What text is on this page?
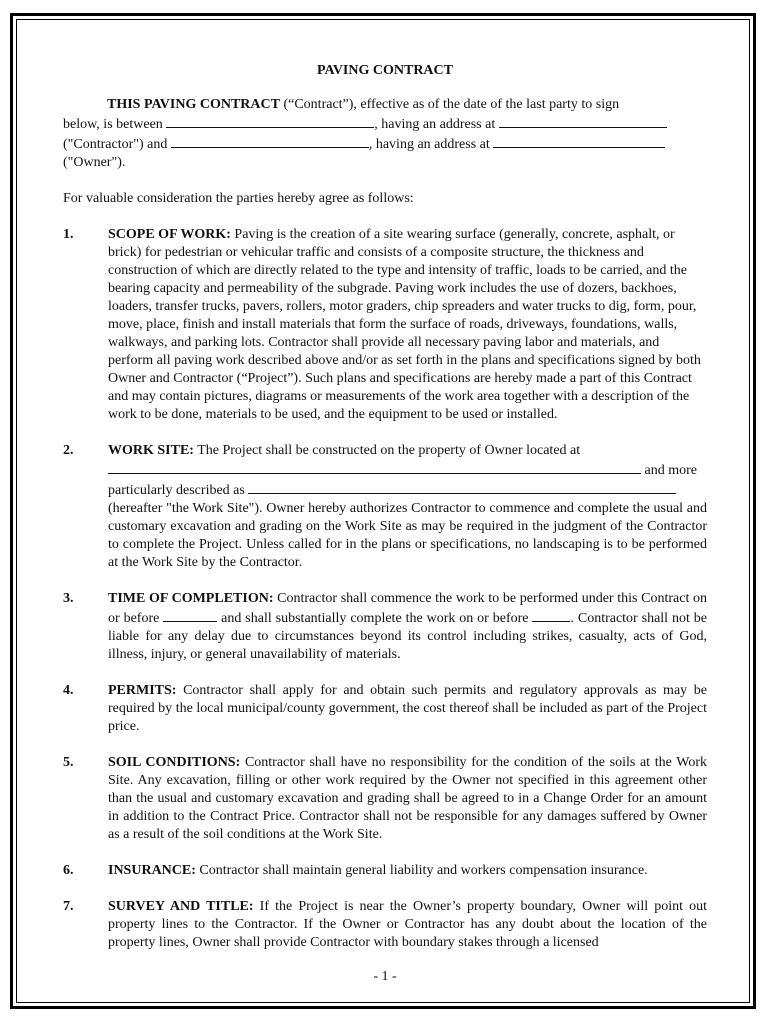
PAVING CONTRACT

THIS PAVING CONTRACT (“Contract”), effective as of the date of the last party to sign
below, is between	, having an address at
("Contractor") and	, having an address at
("Owner").

For valuable consideration the parties hereby agree as follows:

1.	SCOPE OF WORK: Paving is the creation of a site wearing surface (generally, concrete, asphalt, or brick) for pedestrian or vehicular traffic and consists of a composite structure, the thickness and construction of which are directly related to the type and intensity of traffic, loads to be carried, and the bearing capacity and permeability of the subgrade. Paving work includes the use of dozers, backhoes, loaders, transfer trucks, pavers, rollers, motor graders, chip spreaders and water trucks to dig, form, pour, move, place, finish and install materials that form the surface of roads, driveways, foundations, walls, walkways, and parking lots. Contractor shall provide all necessary paving labor and materials, and perform all paving work described above and/or as set forth in the plans and specifications signed by both Owner and Contractor (“Project”). Such plans and specifications are hereby made a part of this Contract and may contain pictures, diagrams or measurements of the work area together with a description of the work to be done, materials to be used, and the equipment to be used or installed.
2.	WORK SITE: The Project shall be constructed on the property of Owner located at
and more
particularly described as
(hereafter "the Work Site"). Owner hereby authorizes Contractor to commence and complete the usual and customary excavation and grading on the Work Site as may be required in the judgment of the Contractor to complete the Project. Unless called for in the plans or specifications, no landscaping is to be performed at the Work Site by the Contractor.
3.	TIME OF COMPLETION: Contractor shall commence the work to be performed under this Contract on or before	and shall substantially complete the work on or before	. Contractor shall not be liable for any delay due to circumstances beyond its control including strikes, casualty, acts of God, illness, injury, or general unavailability of materials.
4.	PERMITS: Contractor shall apply for and obtain such permits and regulatory approvals as may be required by the local municipal/county government, the cost thereof shall be included as part of the Project price.
5.	SOIL CONDITIONS: Contractor shall have no responsibility for the condition of the soils at the Work Site. Any excavation, filling or other work required by the Owner not specified in this agreement other than the usual and customary excavation and grading shall be agreed to in a Change Order for an amount in addition to the Contract Price. Contractor shall not be responsible for any damages suffered by Owner as a result of the soil conditions at the Work Site.
6.	INSURANCE: Contractor shall maintain general liability and workers compensation insurance.
7.	SURVEY AND TITLE: If the Project is near the Owner’s property boundary, Owner will point out property lines to the Contractor. If the Owner or Contractor has any doubt about the location of the property lines, Owner shall provide Contractor with boundary stakes through a licensed
- 1 -
